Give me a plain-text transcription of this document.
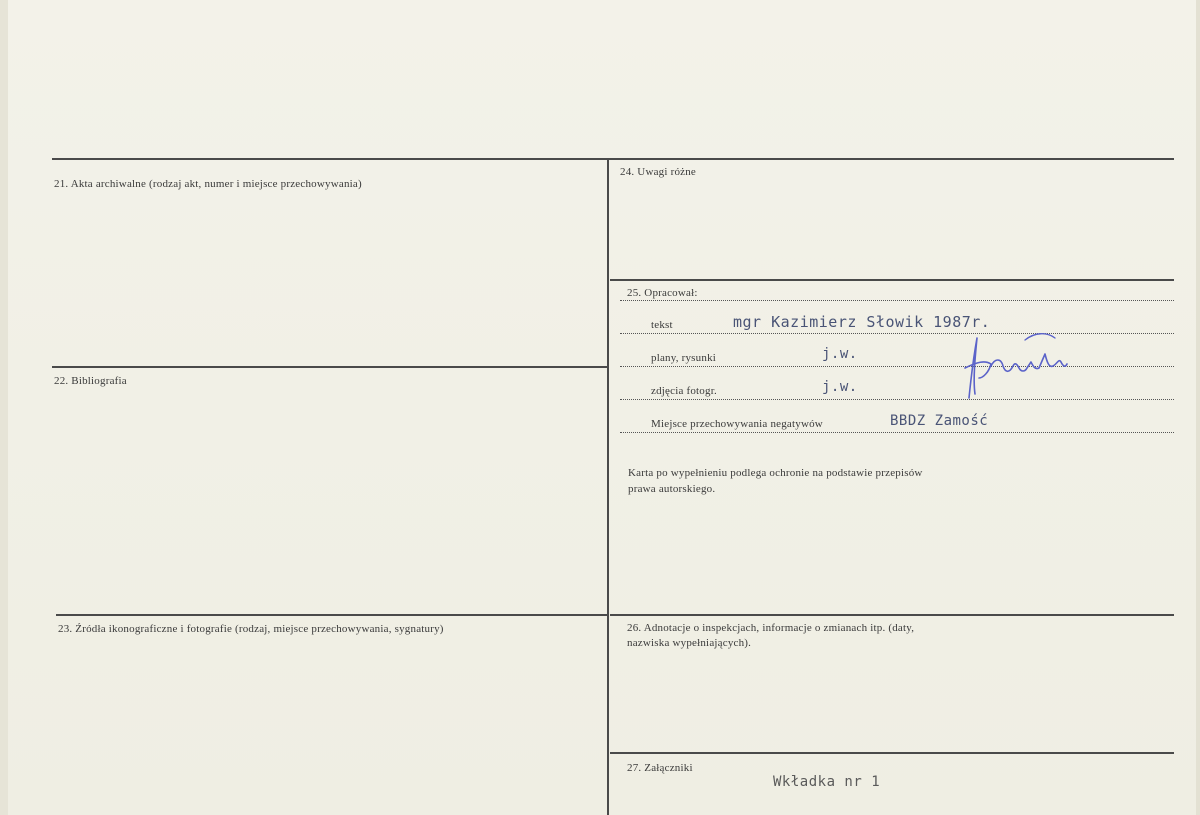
21. Akta archiwalne (rodzaj akt, numer i miejsce przechowywania)
22. Bibliografia
23. Źródła ikonograficzne i fotografie (rodzaj, miejsce przechowywania, sygnatury)
24. Uwagi różne
25. Opracował:
tekst	mgr Kazimierz Słowik 1987r.
plany, rysunki	j.w.
zdjęcia fotogr.	j.w.
Miejsce przechowywania negatywów	BBDZ Zamość
Karta po wypełnieniu podlega ochronie na podstawie przepisów
prawa autorskiego.
26. Adnotacje o inspekcjach, informacje o zmianach itp. (daty,
nazwiska wypełniających).
27. Załączniki
Wkładka nr 1
